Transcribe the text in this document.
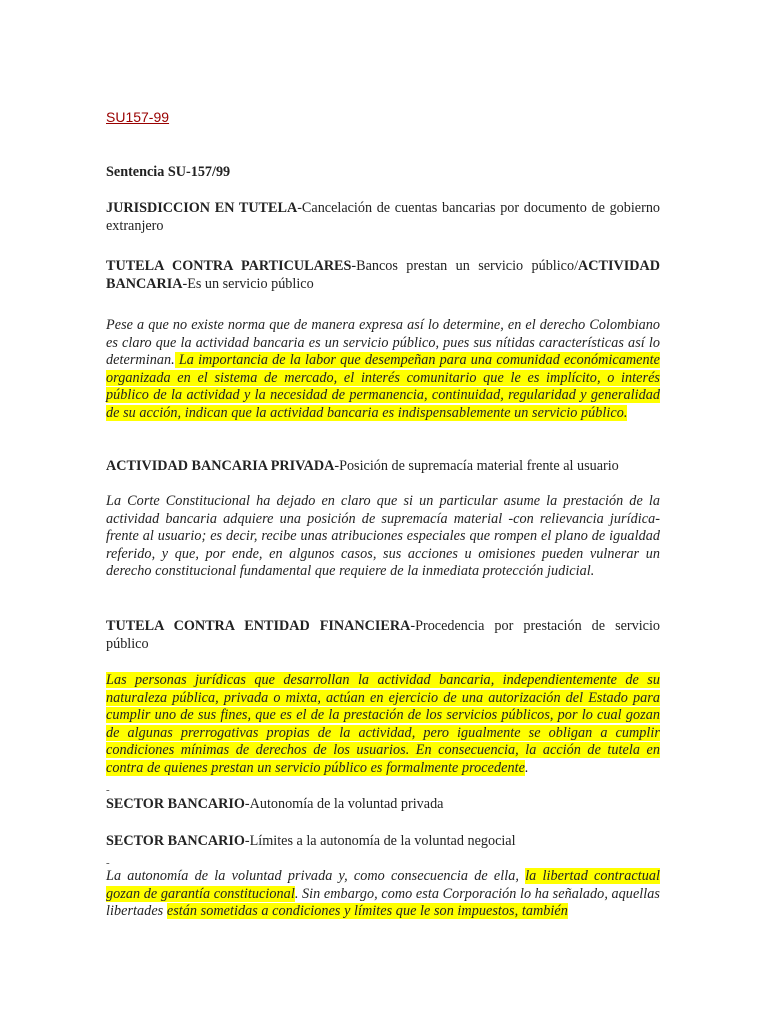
SU157-99

Sentencia SU-157/99

JURISDICCION EN TUTELA-Cancelación de cuentas bancarias por documento de gobierno extranjero

TUTELA CONTRA PARTICULARES-Bancos prestan un servicio público/ACTIVIDAD BANCARIA-Es un servicio público

Pese a que no existe norma que de manera expresa así lo determine, en el derecho Colombiano es claro que la actividad bancaria es un servicio público, pues sus nítidas características así lo determinan. La importancia de la labor que desempeñan para una comunidad económicamente organizada en el sistema de mercado, el interés comunitario que le es implícito, o interés público de la actividad y la necesidad de permanencia, continuidad, regularidad y generalidad de su acción, indican que la actividad bancaria es indispensablemente un servicio público.

ACTIVIDAD BANCARIA PRIVADA-Posición de supremacía material frente al usuario

La Corte Constitucional ha dejado en claro que si un particular asume la prestación de la actividad bancaria adquiere una posición de supremacía material -con relievancia jurídica- frente al usuario; es decir, recibe unas atribuciones especiales que rompen el plano de igualdad referido, y que, por ende, en algunos casos, sus acciones u omisiones pueden vulnerar un derecho constitucional fundamental que requiere de la inmediata protección judicial.

TUTELA CONTRA ENTIDAD FINANCIERA-Procedencia por prestación de servicio público

Las personas jurídicas que desarrollan la actividad bancaria, independientemente de su naturaleza pública, privada o mixta, actúan en ejercicio de una autorización del Estado para cumplir uno de sus fines, que es el de la prestación de los servicios públicos, por lo cual gozan de algunas prerrogativas propias de la actividad, pero igualmente se obligan a cumplir condiciones mínimas de derechos de los usuarios. En consecuencia, la acción de tutela en contra de quienes prestan un servicio público es formalmente procedente.

-

SECTOR BANCARIO-Autonomía de la voluntad privada

SECTOR BANCARIO-Límites a la autonomía de la voluntad negocial

-

La autonomía de la voluntad privada y, como consecuencia de ella, la libertad contractual gozan de garantía constitucional. Sin embargo, como esta Corporación lo ha señalado, aquellas libertades están sometidas a condiciones y límites que le son impuestos, también
